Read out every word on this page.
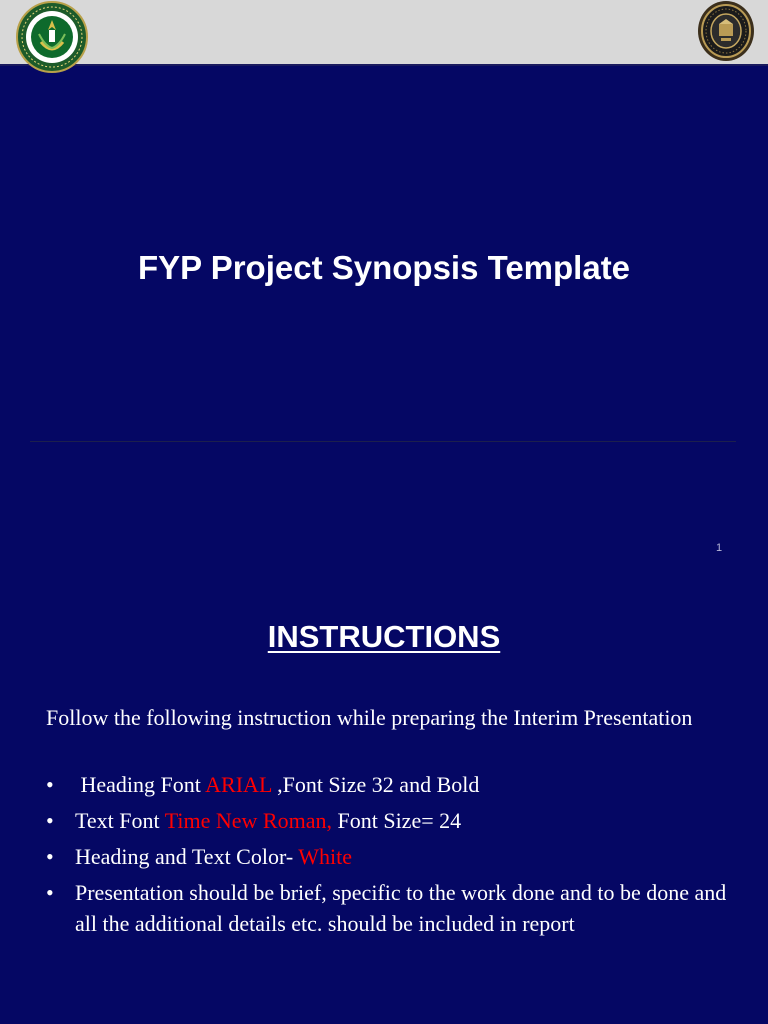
FYP Project Synopsis Template
1
INSTRUCTIONS

Follow the following instruction while preparing the Interim Presentation

• Heading Font ARIAL ,Font Size 32 and Bold
• Text Font Time New Roman, Font Size= 24
• Heading and Text Color- White
• Presentation should be brief, specific to the work done and to be done and all the additional details etc. should be included in report
